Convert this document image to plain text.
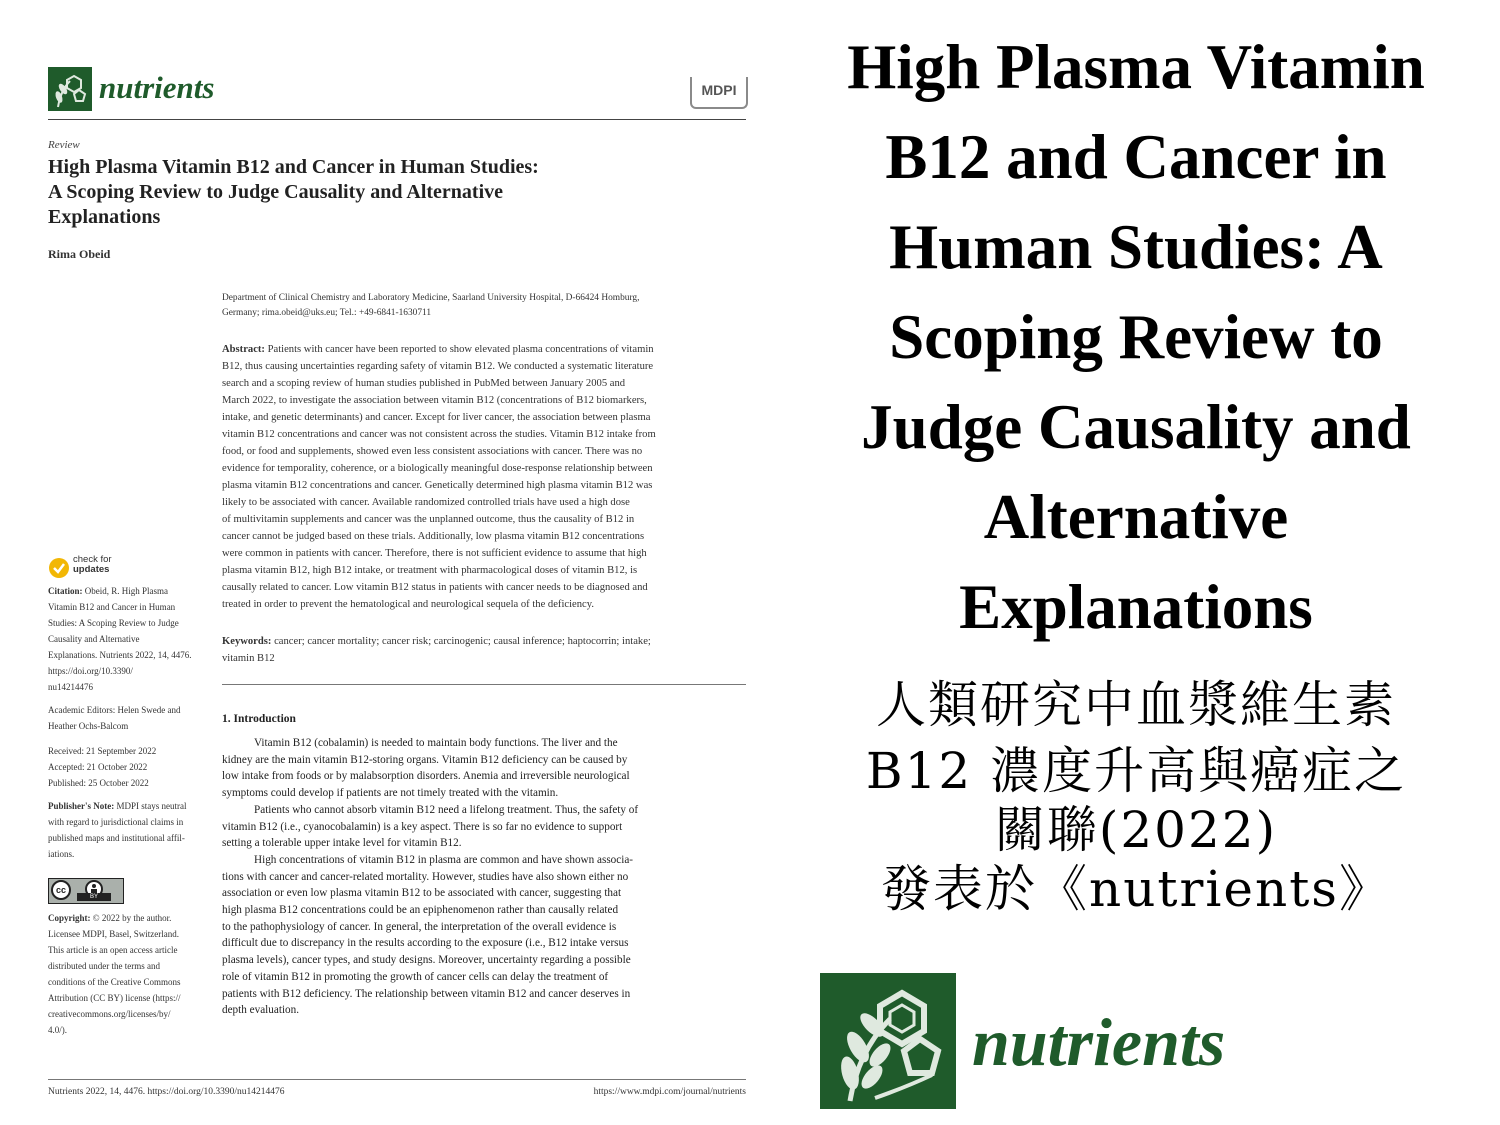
nutrients	MDPI
Review
High Plasma Vitamin B12 and Cancer in Human Studies:
A Scoping Review to Judge Causality and Alternative
Explanations
Rima Obeid
Department of Clinical Chemistry and Laboratory Medicine, Saarland University Hospital, D-66424 Homburg,
Germany; rima.obeid@uks.eu; Tel.: +49-6841-1630711
Abstract: Patients with cancer have been reported to show elevated plasma concentrations of vitamin
B12, thus causing uncertainties regarding safety of vitamin B12. We conducted a systematic literature
search and a scoping review of human studies published in PubMed between January 2005 and
March 2022, to investigate the association between vitamin B12 (concentrations of B12 biomarkers,
intake, and genetic determinants) and cancer. Except for liver cancer, the association between plasma
vitamin B12 concentrations and cancer was not consistent across the studies. Vitamin B12 intake from
food, or food and supplements, showed even less consistent associations with cancer. There was no
evidence for temporality, coherence, or a biologically meaningful dose-response relationship between
plasma vitamin B12 concentrations and cancer. Genetically determined high plasma vitamin B12 was
likely to be associated with cancer. Available randomized controlled trials have used a high dose
of multivitamin supplements and cancer was the unplanned outcome, thus the causality of B12 in
cancer cannot be judged based on these trials. Additionally, low plasma vitamin B12 concentrations
were common in patients with cancer. Therefore, there is not sufficient evidence to assume that high
plasma vitamin B12, high B12 intake, or treatment with pharmacological doses of vitamin B12, is
causally related to cancer. Low vitamin B12 status in patients with cancer needs to be diagnosed and
treated in order to prevent the hematological and neurological sequela of the deficiency.
Keywords: cancer; cancer mortality; cancer risk; carcinogenic; causal inference; haptocorrin; intake;
vitamin B12
1. Introduction
Vitamin B12 (cobalamin) is needed to maintain body functions. The liver and the
kidney are the main vitamin B12-storing organs. Vitamin B12 deficiency can be caused by
low intake from foods or by malabsorption disorders. Anemia and irreversible neurological
symptoms could develop if patients are not timely treated with the vitamin.
Patients who cannot absorb vitamin B12 need a lifelong treatment. Thus, the safety of
vitamin B12 (i.e., cyanocobalamin) is a key aspect. There is so far no evidence to support
setting a tolerable upper intake level for vitamin B12.
High concentrations of vitamin B12 in plasma are common and have shown associa-
tions with cancer and cancer-related mortality. However, studies have also shown either no
association or even low plasma vitamin B12 to be associated with cancer, suggesting that
high plasma B12 concentrations could be an epiphenomenon rather than causally related
to the pathophysiology of cancer. In general, the interpretation of the overall evidence is
difficult due to discrepancy in the results according to the exposure (i.e., B12 intake versus
plasma levels), cancer types, and study designs. Moreover, uncertainty regarding a possible
role of vitamin B12 in promoting the growth of cancer cells can delay the treatment of
patients with B12 deficiency. The relationship between vitamin B12 and cancer deserves in
depth evaluation.
check for
updates
Citation: Obeid, R. High Plasma
Vitamin B12 and Cancer in Human
Studies: A Scoping Review to Judge
Causality and Alternative
Explanations. Nutrients 2022, 14, 4476.
https://doi.org/10.3390/
nu14214476
Academic Editors: Helen Swede and
Heather Ochs-Balcom
Received: 21 September 2022
Accepted: 21 October 2022
Published: 25 October 2022
Publisher's Note: MDPI stays neutral
with regard to jurisdictional claims in
published maps and institutional affil-
iations.
cc
BY
Copyright: © 2022 by the author.
Licensee MDPI, Basel, Switzerland.
This article is an open access article
distributed under the terms and
conditions of the Creative Commons
Attribution (CC BY) license (https://
creativecommons.org/licenses/by/
4.0/).
Nutrients 2022, 14, 4476. https://doi.org/10.3390/nu14214476	https://www.mdpi.com/journal/nutrients
High Plasma Vitamin
B12 and Cancer in
Human Studies: A
Scoping Review to
Judge Causality and
Alternative
Explanations
人類研究中血漿維生素
B12 濃度升高與癌症之
關聯(2022)
發表於《nutrients》
nutrients
